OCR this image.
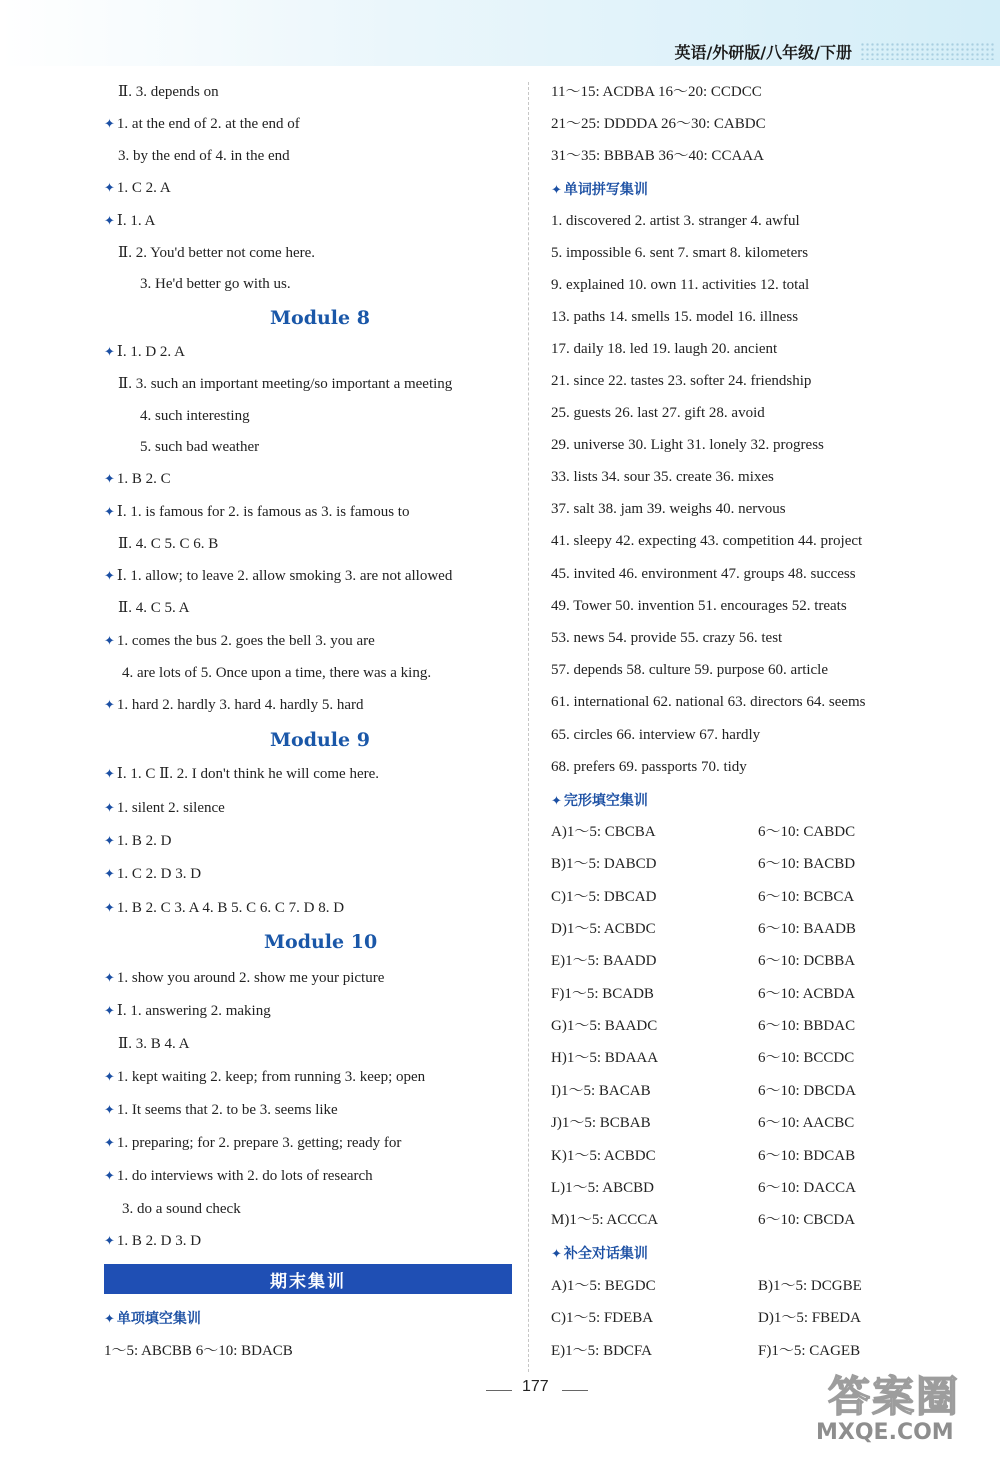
英语/外研版/八年级/下册
Ⅱ. 3. depends on
✦ 1. at the end of 2. at the end of
3. by the end of 4. in the end
✦ 1. C 2. A
✦ Ⅰ. 1. A
Ⅱ. 2. You'd better not come here.
3. He'd better go with us.
Module 8
✦ Ⅰ. 1. D 2. A
Ⅱ. 3. such an important meeting/so important a meeting
4. such interesting
5. such bad weather
✦ 1. B 2. C
✦ Ⅰ. 1. is famous for 2. is famous as 3. is famous to
Ⅱ. 4. C 5. C 6. B
✦ Ⅰ. 1. allow; to leave 2. allow smoking 3. are not allowed
Ⅱ. 4. C 5. A
✦ 1. comes the bus 2. goes the bell 3. you are
4. are lots of 5. Once upon a time, there was a king.
✦ 1. hard 2. hardly 3. hard 4. hardly 5. hard
Module 9
✦ Ⅰ. 1. C Ⅱ. 2. I don't think he will come here.
✦ 1. silent 2. silence
✦ 1. B 2. D
✦ 1. C 2. D 3. D
✦ 1. B 2. C 3. A 4. B 5. C 6. C 7. D 8. D
Module 10
✦ 1. show you around 2. show me your picture
✦ Ⅰ. 1. answering 2. making
Ⅱ. 3. B 4. A
✦ 1. kept waiting 2. keep; from running 3. keep; open
✦ 1. It seems that 2. to be 3. seems like
✦ 1. preparing; for 2. prepare 3. getting; ready for
✦ 1. do interviews with 2. do lots of research
3. do a sound check
✦ 1. B 2. D 3. D
期末集训
✦ 单项填空集训
1～5: ABCBB 6～10: BDACB
11～15: ACDBA 16～20: CCDCC
21～25: DDDDA 26～30: CABDC
31～35: BBBAB 36～40: CCAAA
✦ 单词拼写集训
1. discovered 2. artist 3. stranger 4. awful
5. impossible 6. sent 7. smart 8. kilometers
9. explained 10. own 11. activities 12. total
13. paths 14. smells 15. model 16. illness
17. daily 18. led 19. laugh 20. ancient
21. since 22. tastes 23. softer 24. friendship
25. guests 26. last 27. gift 28. avoid
29. universe 30. Light 31. lonely 32. progress
33. lists 34. sour 35. create 36. mixes
37. salt 38. jam 39. weighs 40. nervous
41. sleepy 42. expecting 43. competition 44. project
45. invited 46. environment 47. groups 48. success
49. Tower 50. invention 51. encourages 52. treats
53. news 54. provide 55. crazy 56. test
57. depends 58. culture 59. purpose 60. article
61. international 62. national 63. directors 64. seems
65. circles 66. interview 67. hardly
68. prefers 69. passports 70. tidy
✦ 完形填空集训
A)1～5: CBCBA	6～10: CABDC
B)1～5: DABCD	6～10: BACBD
C)1～5: DBCAD	6～10: BCBCA
D)1～5: ACBDC	6～10: BAADB
E)1～5: BAADD	6～10: DCBBA
F)1～5: BCADB	6～10: ACBDA
G)1～5: BAADC	6～10: BBDAC
H)1～5: BDAAA	6～10: BCCDC
I)1～5: BACAB	6～10: DBCDA
J)1～5: BCBAB	6～10: AACBC
K)1～5: ACBDC	6～10: BDCAB
L)1～5: ABCBD	6～10: DACCA
M)1～5: ACCCA	6～10: CBCDA
✦ 补全对话集训
A)1～5: BEGDC	B)1～5: DCGBE
C)1～5: FDEBA	D)1～5: FBEDA
E)1～5: BDCFA	F)1～5: CAGEB
177	答案圈
MXQE.COM
